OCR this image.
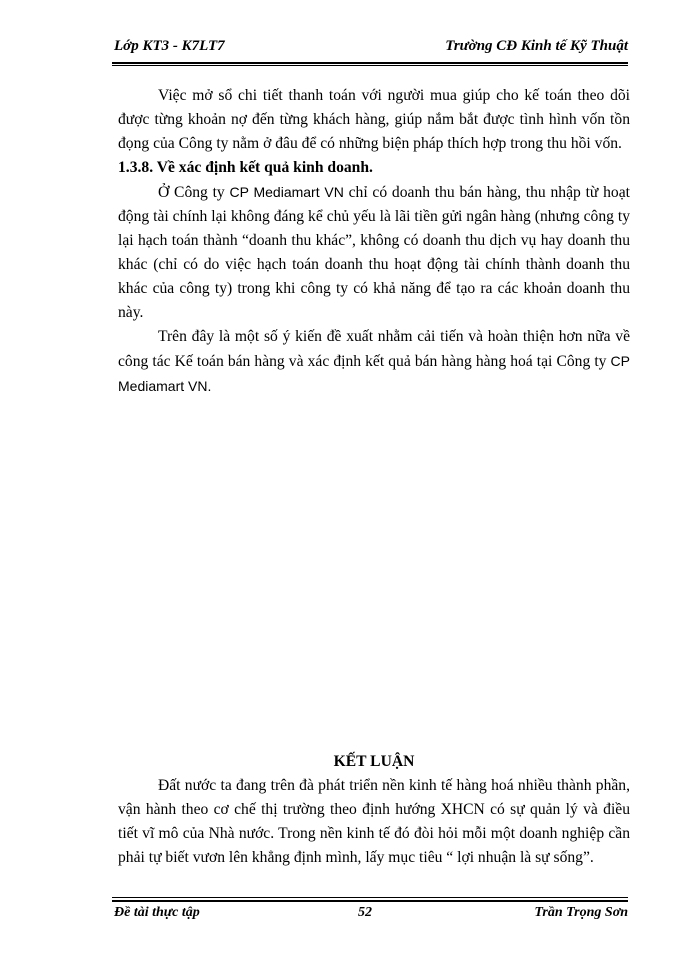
Lớp KT3 - K7LT7	Trường CĐ Kinh tế Kỹ Thuật

Việc mở sổ chi tiết thanh toán với người mua giúp cho kế toán theo dõi được từng khoản nợ đến từng khách hàng, giúp nắm bắt được tình hình vốn tồn đọng của Công ty nằm ở đâu để có những biện pháp thích hợp trong thu hồi vốn.

1.3.8. Về xác định kết quả kinh doanh.

Ở Công ty CP Mediamart VN chỉ có doanh thu bán hàng, thu nhập từ hoạt động tài chính lại không đáng kể chủ yếu là lãi tiền gửi ngân hàng (nhưng công ty lại hạch toán thành “doanh thu khác”, không có doanh thu dịch vụ hay doanh thu khác (chỉ có do việc hạch toán doanh thu hoạt động tài chính thành doanh thu khác của công ty) trong khi công ty có khả năng để tạo ra các khoản doanh thu này.

Trên đây là một số ý kiến đề xuất nhằm cải tiến và hoàn thiện hơn nữa về công tác Kế toán bán hàng và xác định kết quả bán hàng hàng hoá tại Công ty CP Mediamart VN.

KẾT LUẬN

Đất nước ta đang trên đà phát triển nền kinh tế hàng hoá nhiều thành phần, vận hành theo cơ chế thị trường theo định hướng XHCN có sự quản lý và điều tiết vĩ mô của Nhà nước. Trong nền kinh tế đó đòi hỏi mỗi một doanh nghiệp cần phải tự biết vươn lên khẳng định mình, lấy mục tiêu “ lợi nhuận là sự sống”.

Đề tài thực tập	52	Trần Trọng Sơn
